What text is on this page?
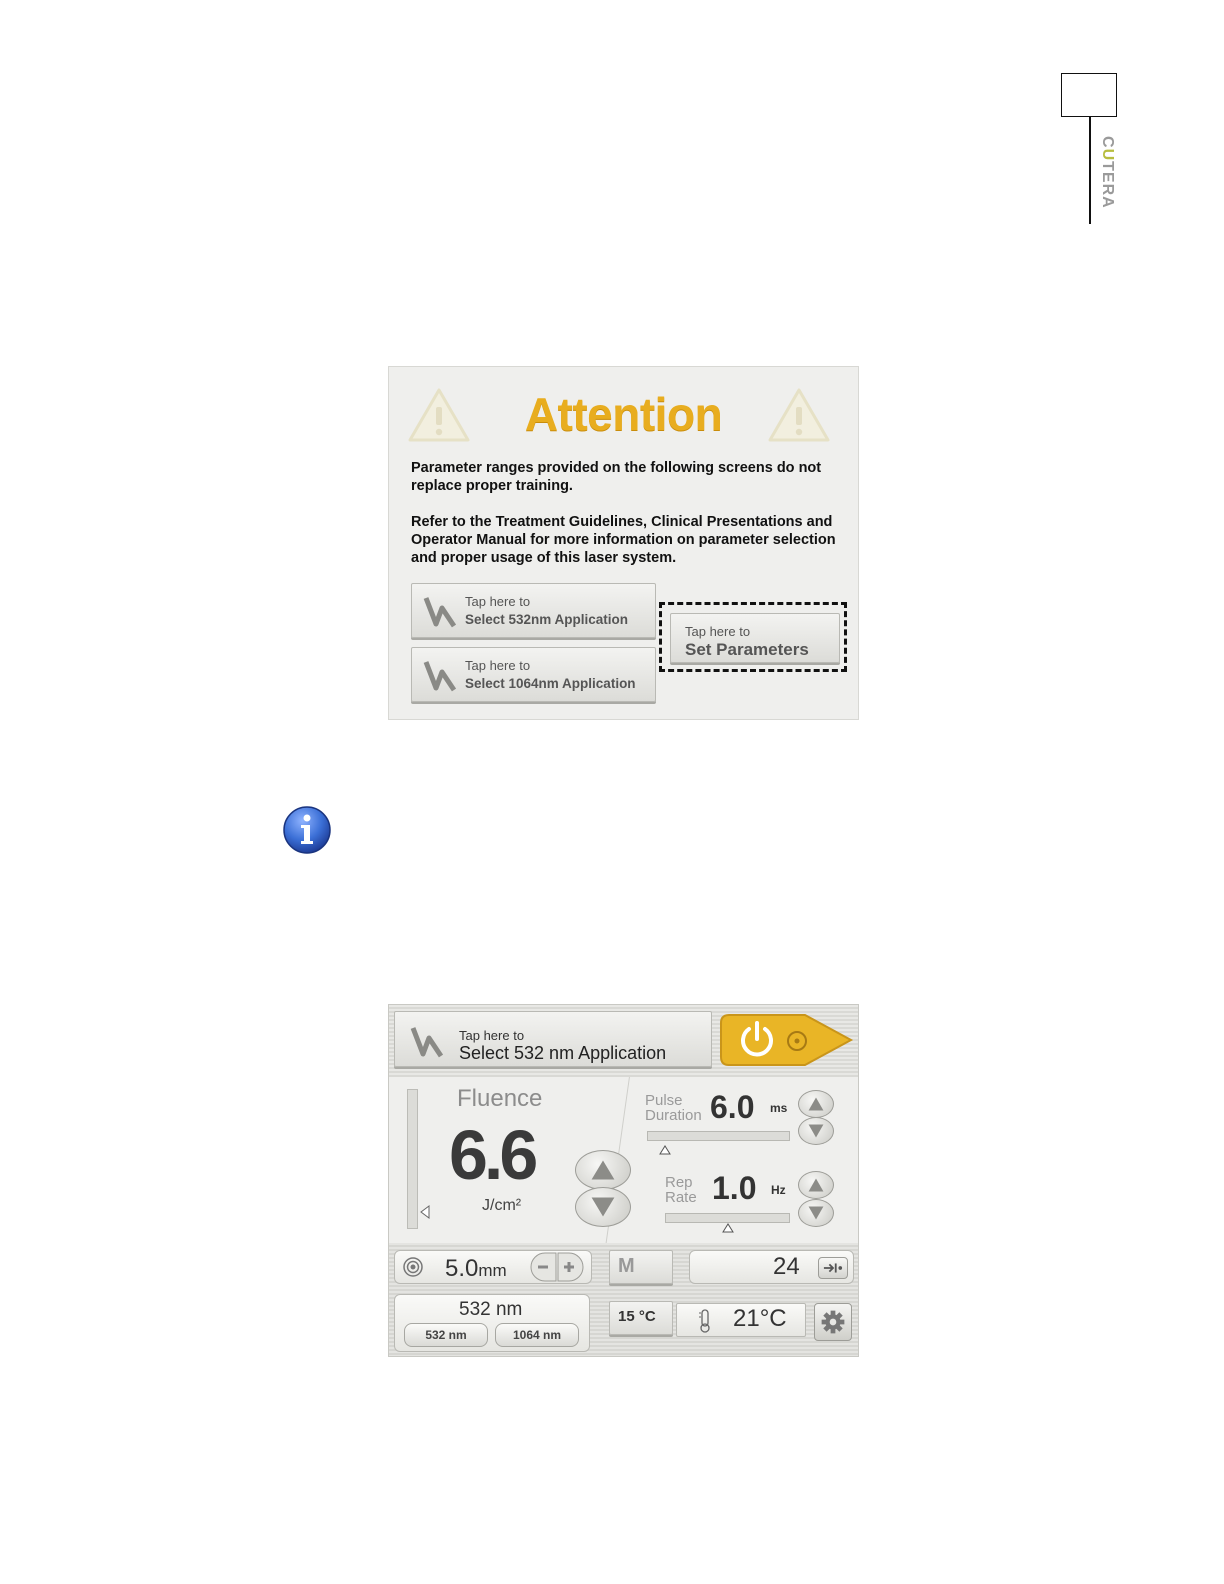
CUTERA
Attention
Parameter ranges provided on the following screens do not replace proper training.
Refer to the Treatment Guidelines, Clinical Presentations and Operator Manual for more information on parameter selection and proper usage of this laser system.
Tap here to
Select 532nm Application
Tap here to
Select 1064nm Application
Tap here to
Set Parameters
Tap here to
Select 532 nm Application
Fluence
6.6
J/cm²
Pulse
Duration 6.0 ms
Rep
Rate 1.0 Hz
5.0mm	M	24
532 nm
532 nm	1064 nm
15 °C	21°C
